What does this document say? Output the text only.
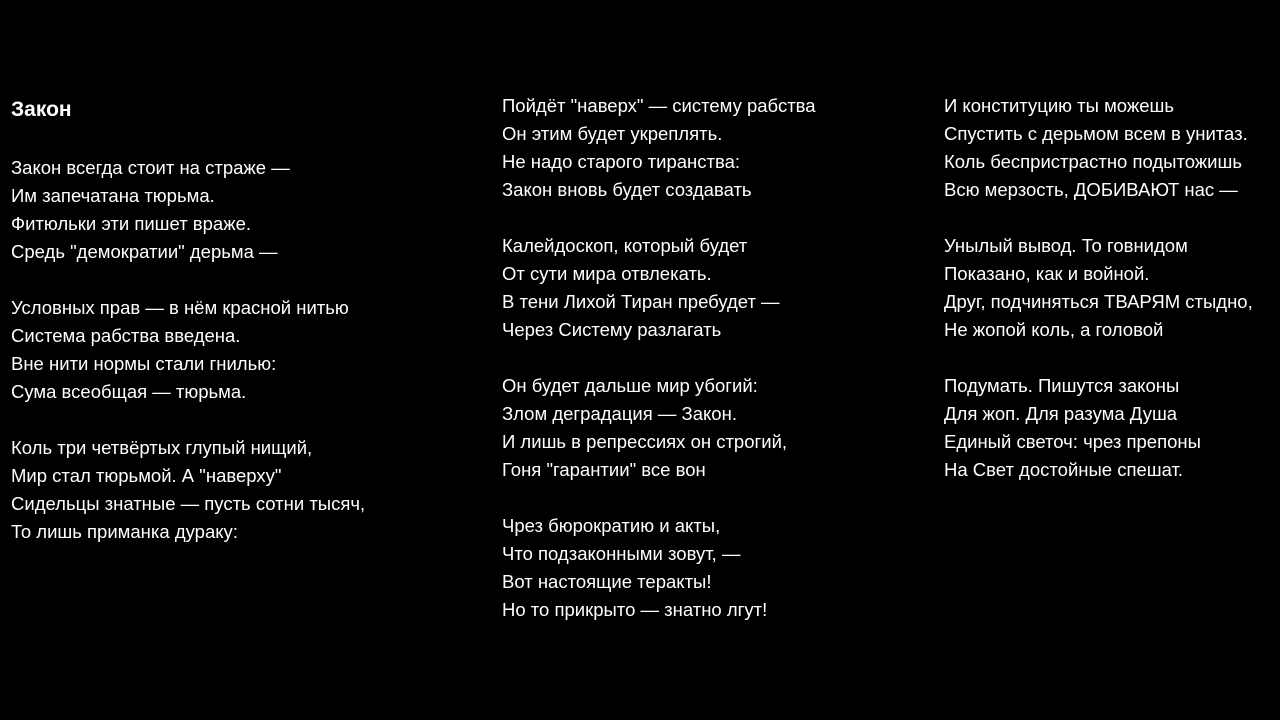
Закон
Закон всегда стоит на страже —
Им запечатана тюрьма.
Фитюльки эти пишет враже.
Средь "демократии" дерьма —
Условных прав — в нём красной нитью
Система рабства введена.
Вне нити нормы стали гнилью:
Сума всеобщая — тюрьма.
Коль три четвёртых глупый нищий,
Мир стал тюрьмой. А "наверху"
Сидельцы знатные — пусть сотни тысяч,
То лишь приманка дураку:
Пойдёт "наверх" — систему рабства
Он этим будет укреплять.
Не надо старого тиранства:
Закон вновь будет создавать
Калейдоскоп, который будет
От сути мира отвлекать.
В тени Лихой Тиран пребудет —
Через Систему разлагать
Он будет дальше мир убогий:
Злом деградация — Закон.
И лишь в репрессиях он строгий,
Гоня "гарантии" все вон
Чрез бюрократию и акты,
Что подзаконными зовут, —
Вот настоящие теракты!
Но то прикрыто — знатно лгут!
И конституцию ты можешь
Спустить с дерьмом всем в унитаз.
Коль беспристрастно подытожишь
Всю мерзость, ДОБИВАЮТ нас —
Унылый вывод. То говнидом
Показано, как и войной.
Друг, подчиняться ТВАРЯМ стыдно,
Не жопой коль, а головой
Подумать. Пишутся законы
Для жоп. Для разума Душа
Единый светоч: чрез препоны
На Свет достойные спешат.
